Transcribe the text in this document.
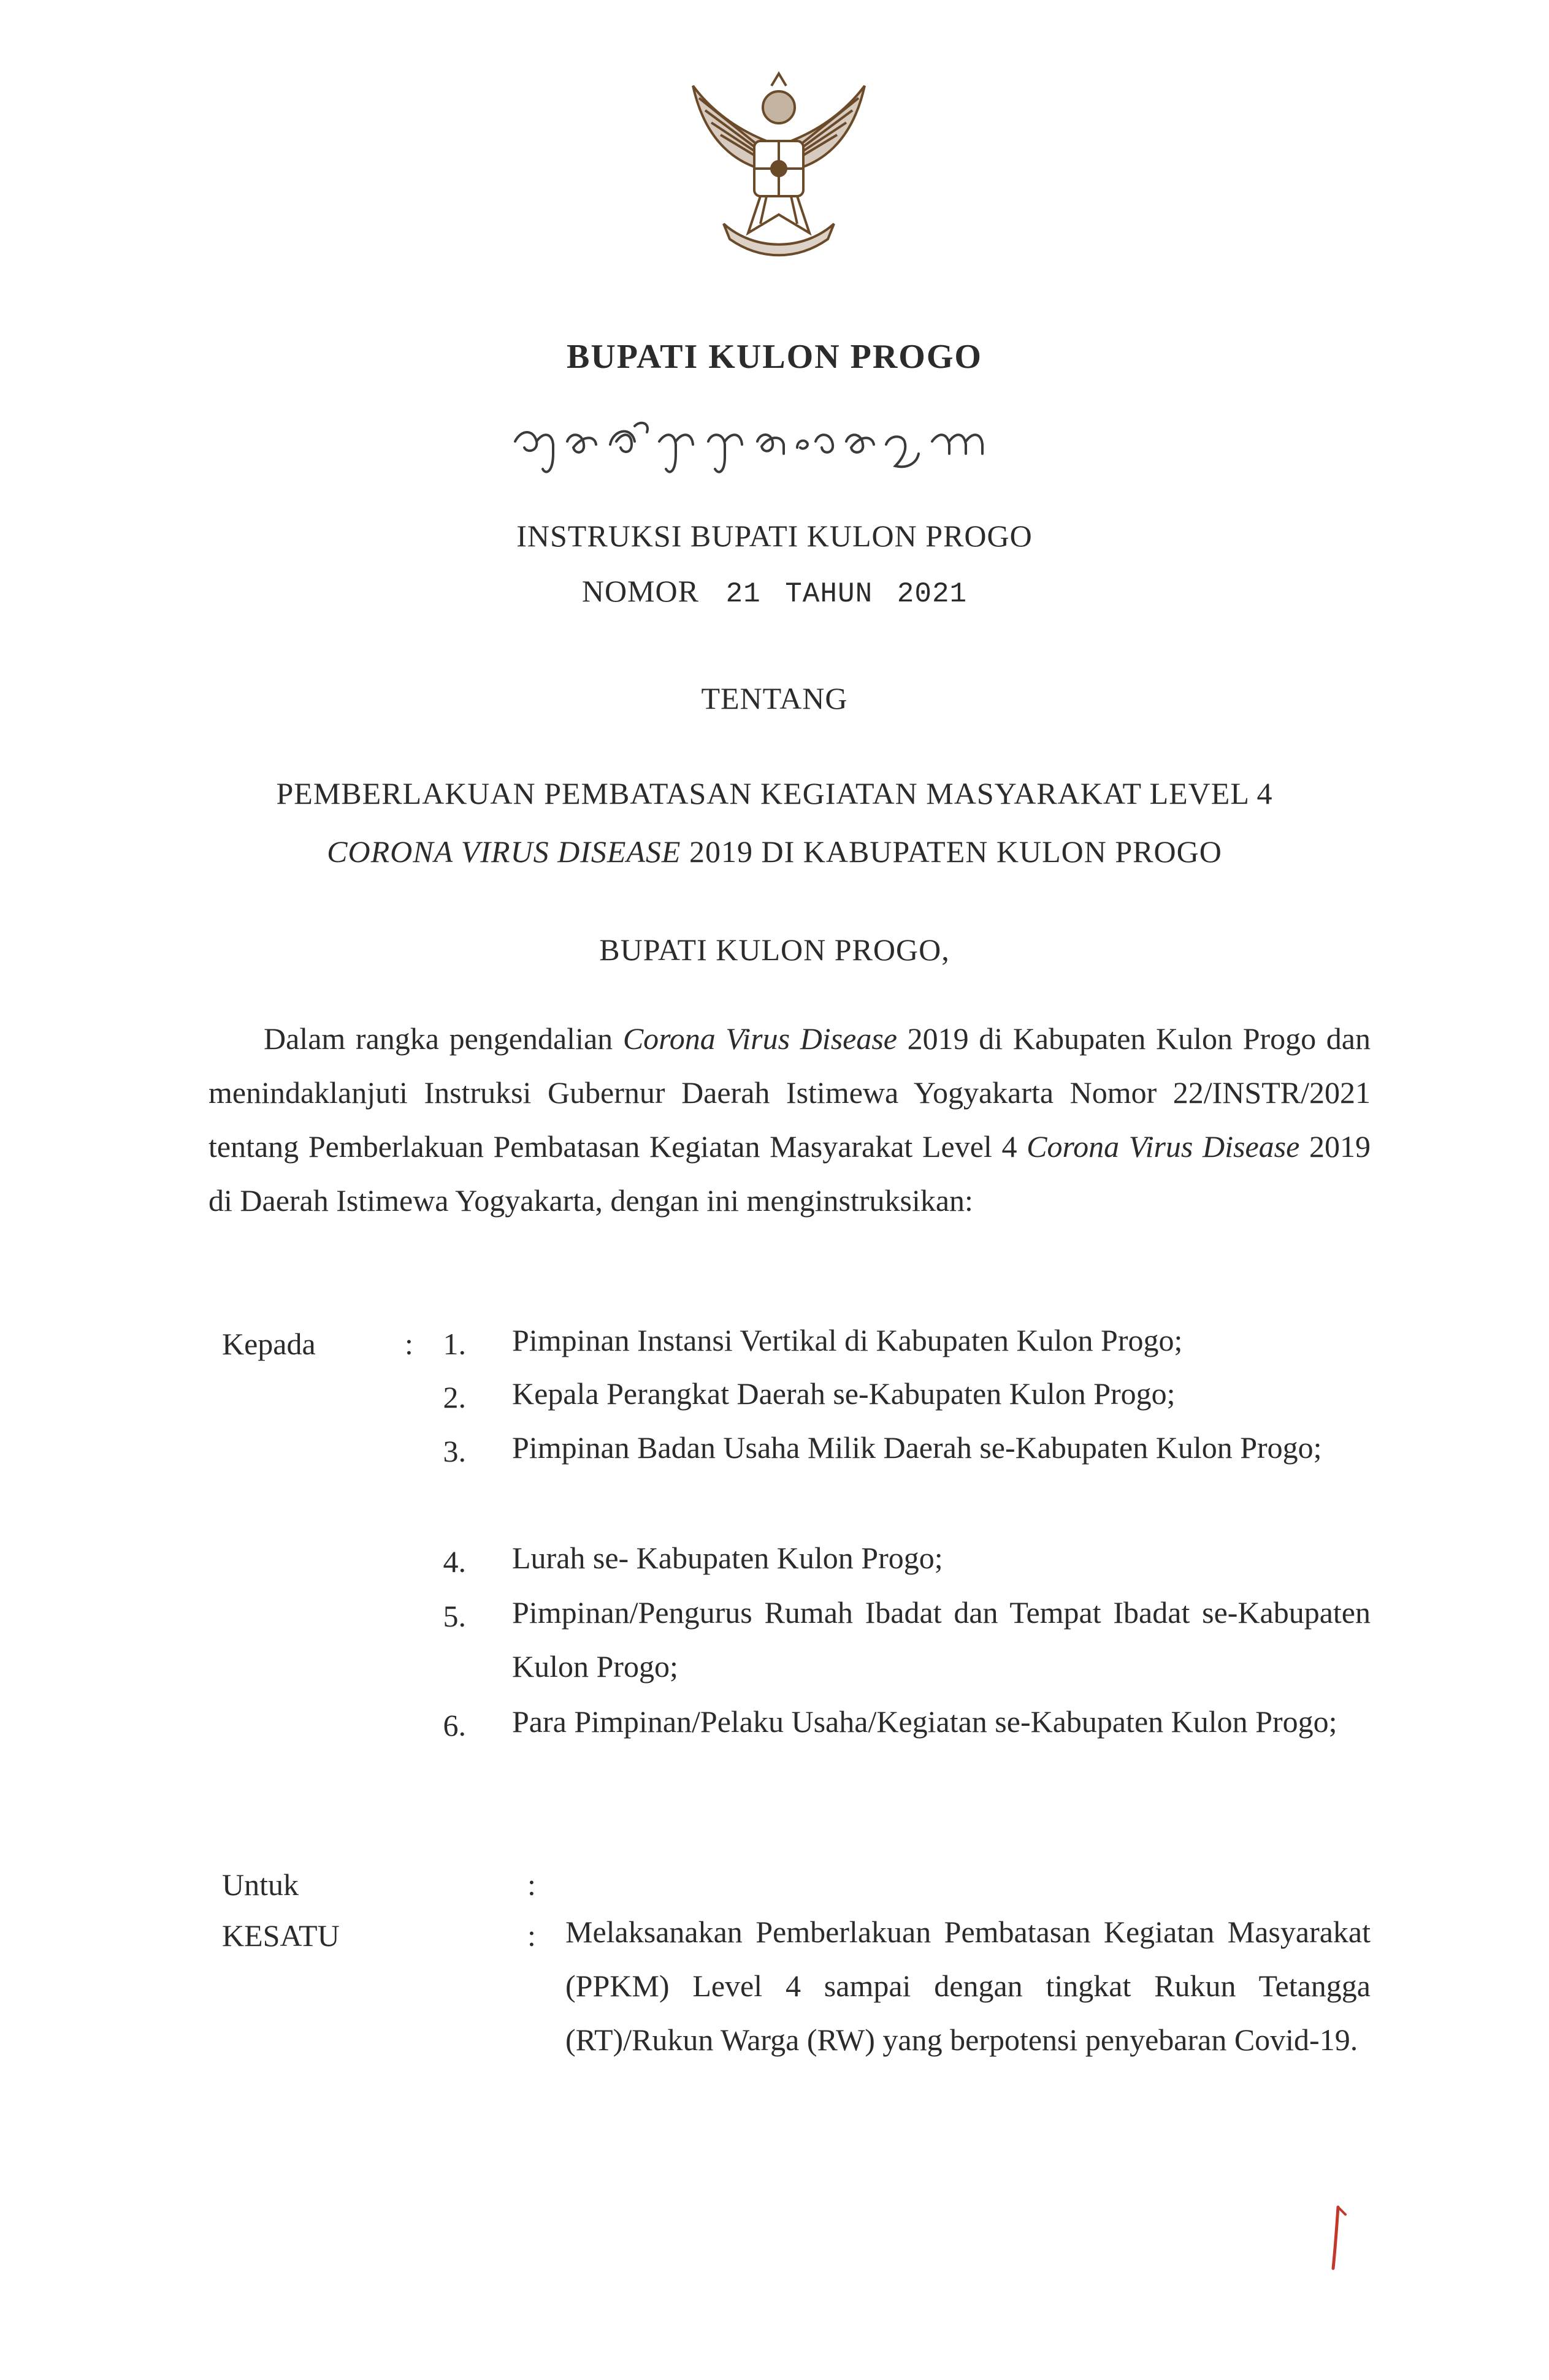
BUPATI KULON PROGO
INSTRUKSI BUPATI KULON PROGO
NOMOR 21 TAHUN 2021
TENTANG
PEMBERLAKUAN PEMBATASAN KEGIATAN MASYARAKAT LEVEL 4
CORONA VIRUS DISEASE 2019 DI KABUPATEN KULON PROGO
BUPATI KULON PROGO,
Dalam rangka pengendalian Corona Virus Disease 2019 di Kabupaten Kulon Progo dan menindaklanjuti Instruksi Gubernur Daerah Istimewa Yogyakarta Nomor 22/INSTR/2021 tentang Pemberlakuan Pembatasan Kegiatan Masyarakat Level 4 Corona Virus Disease 2019 di Daerah Istimewa Yogyakarta, dengan ini menginstruksikan:
Kepada	: 1. Pimpinan Instansi Vertikal di Kabupaten Kulon Progo;
2. Kepala Perangkat Daerah se-Kabupaten Kulon Progo;
3. Pimpinan Badan Usaha Milik Daerah se-Kabupaten Kulon Progo;
4. Lurah se- Kabupaten Kulon Progo;
5. Pimpinan/Pengurus Rumah Ibadat dan Tempat Ibadat se-Kabupaten Kulon Progo;
6. Para Pimpinan/Pelaku Usaha/Kegiatan se-Kabupaten Kulon Progo;
Untuk	:
KESATU	: Melaksanakan Pemberlakuan Pembatasan Kegiatan Masyarakat (PPKM) Level 4 sampai dengan tingkat Rukun Tetangga (RT)/Rukun Warga (RW) yang berpotensi penyebaran Covid-19.
